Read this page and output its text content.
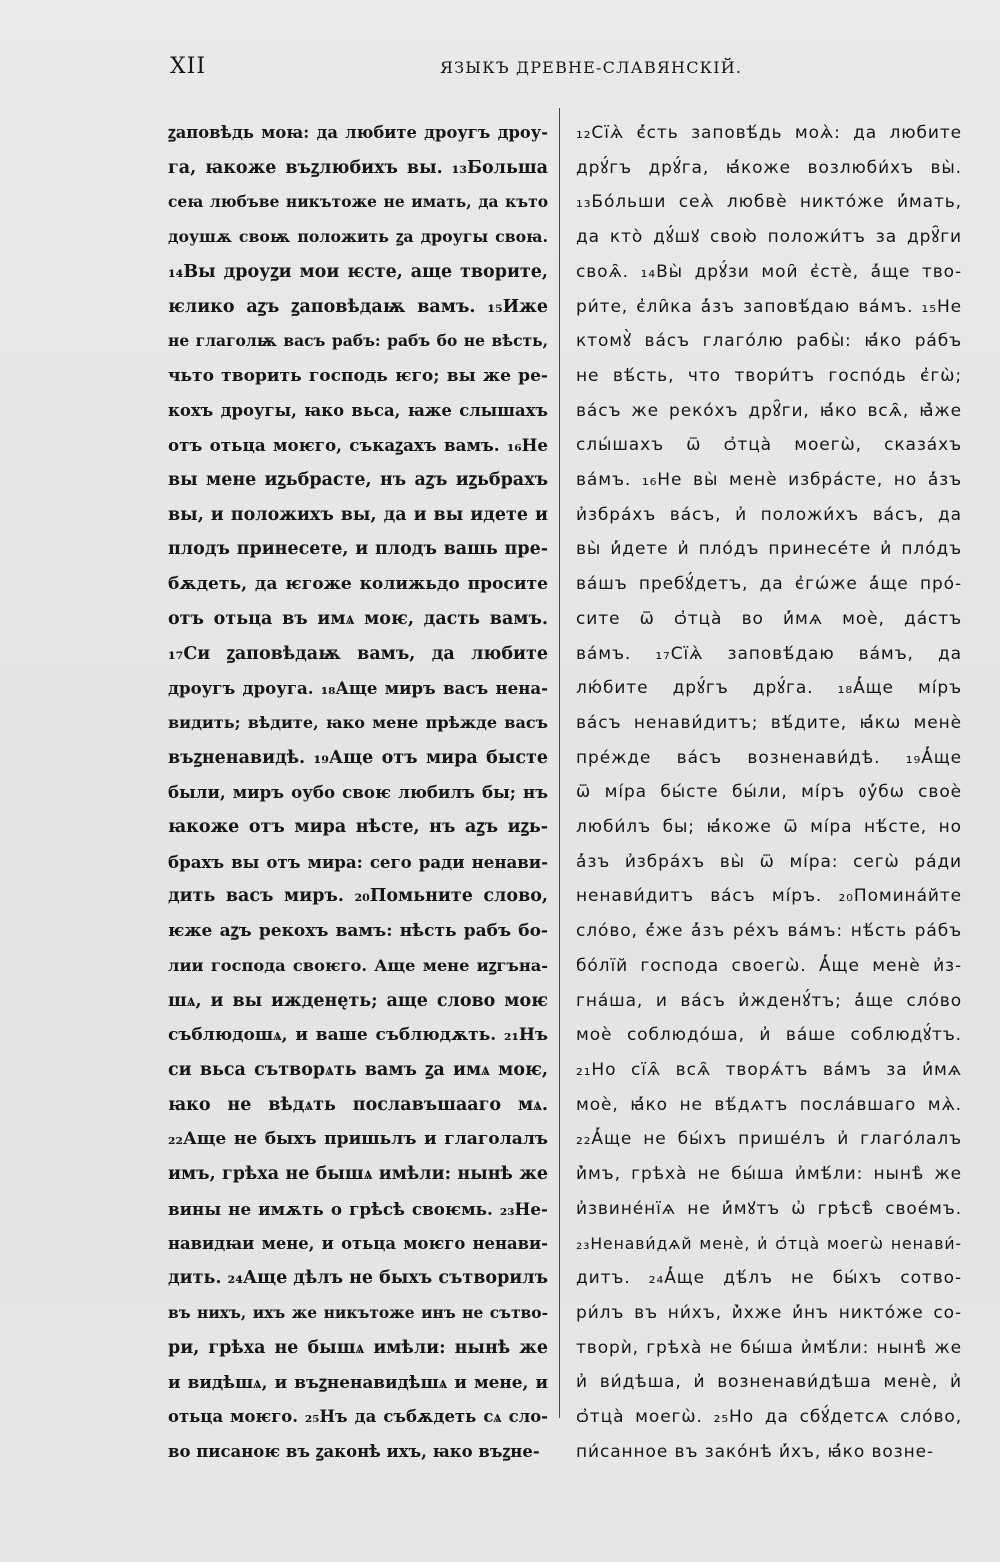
XII	ЯЗЫКЪ ДРЕВНЕ-СЛАВЯНСКIЙ.
ꙁаповѣдь моꙗ: да любите дроугъ дроу-
га, ꙗкоже въꙁлюбихъ вы. ₁₃Больша
сеꙗ любъве никътоже не имать, да къто
доушѫ своѭ положить ꙁа дроугы своꙗ.
₁₄Вы дроуꙁи мои ѥсте, аще творите,
ѥлико аꙁъ ꙁаповѣдаѭ вамъ. ₁₅Иже
не глаголѭ васъ рабъ: рабъ бо не вѣсть,
чьто творить господь ѥго; вы же ре-
кохъ дроугы, ꙗко вьса, ꙗже слышахъ
отъ отьца моѥго, съкаꙁахъ вамъ. ₁₆Не
вы мене иꙁьбрасте, нъ аꙁъ иꙁьбрахъ
вы, и положихъ вы, да и вы идете и
плодъ принесете, и плодъ вашь пре-
бѫдеть, да ѥгоже колижьдо просите
отъ отьца въ имѧ моѥ, дасть вамъ.
₁₇Си ꙁаповѣдаѭ вамъ, да любите
дроугъ дроуга. ₁₈Аще миръ васъ нена-
видить; вѣдите, ꙗко мене прѣжде васъ
въꙁненавидѣ. ₁₉Аще отъ мира бысте
были, миръ оубо своѥ любилъ бы; нъ
ꙗкоже отъ мира нѣсте, нъ аꙁъ иꙁь-
брахъ вы отъ мира: сего ради ненави-
дить васъ миръ. ₂₀Помьните слово,
ѥже аꙁъ рекохъ вамъ: нѣсть рабъ бо-
лии господа своѥго. Аще мене иꙁгъна-
шѧ, и вы иждене̨ть; аще слово моѥ
съблюдошѧ, и ваше съблюдѫть. ₂₁Нъ
си вьса сътворѧть вамъ ꙁа имѧ моѥ,
ꙗко не вѣдѧть пославъшааго мѧ.
₂₂Аще не быхъ пришьлъ и глаголалъ
имъ, грѣха не бышѧ имѣли: нынѣ же
вины не имѫть о грѣсѣ своѥмь. ₂₃Не-
навидꙗи мене, и отьца моѥго ненави-
дить. ₂₄Аще дѣлъ не быхъ сътворилъ
въ нихъ, ихъ же никътоже инъ не сътво-
ри, грѣха не бышѧ имѣли: нынѣ же
и видѣшѧ, и въꙁненавидѣшѧ и мене, и
отьца моѥго. ₂₅Нъ да събѫдеть сѧ сло-
во писаноѥ въ ꙁаконѣ ихъ, ꙗко въꙁне-
₁₂Сїѧ̀ є҆́сть заповѣ́дь моѧ̀: да любите
дрꙋ́гъ дрꙋ́га, ꙗ҆́коже возлюби́хъ вы̀.
₁₃Бо́льши сеѧ̀ любвѐ никто́же и҆́мать,
да кто̀ дꙋ́шꙋ свою̀ положи́тъ за дрꙋ̑ги
своѧ̑. ₁₄Вы̀ дрꙋ́зи мои̑ є҆стѐ, а҆́ще тво-
ри́те, є҆ли̑ка а҆́зъ заповѣ́даю ва́мъ. ₁₅Не
ктомꙋ̀ ва́съ глаго́лю рабы̀: ꙗ҆́ко ра́бъ
не вѣ́сть, что твори́тъ госпо́дь є҆гѡ̀;
ва́съ же реко́хъ дрꙋ̑ги, ꙗ҆́ко всѧ̑, ꙗ҆̀же
слы́шахъ ѿ ѻ҆тца̀ моегѡ̀, сказа́хъ
ва́мъ. ₁₆Не вы̀ менѐ избра́сте, но а҆́зъ
и҆збра́хъ ва́съ, и҆ положи́хъ ва́съ, да
вы̀ и҆́дете и҆ пло́дъ принесе́те и҆ пло́дъ
ва́шъ пребꙋ́детъ, да є҆гѡ́же а҆́ще про́-
сите ѿ ѻ҆тца̀ во и҆́мѧ моѐ, да́стъ
ва́мъ. ₁₇Сїѧ̀ заповѣ́даю ва́мъ, да
лю́бите дрꙋ́гъ дрꙋ́га. ₁₈А҆́ще мі́ръ
ва́съ ненави́дитъ; вѣ́дите, ꙗ҆́кѡ менѐ
пре́жде ва́съ возненави́дѣ. ₁₉А҆́ще
ѿ мі́ра бы́сте бы́ли, мі́ръ ᲂу҆́бѡ своѐ
люби́лъ бы; ꙗ҆́коже ѿ мі́ра нѣ́сте, но
а҆́зъ и҆збра́хъ вы̀ ѿ мі́ра: сегѡ̀ ра́ди
ненави́дитъ ва́съ мі́ръ. ₂₀Помина́йте
сло́во, є҆́же а҆́зъ ре́хъ ва́мъ: нѣ́сть ра́бъ
бо́лїй господа своегѡ̀. А҆́ще менѐ и҆з-
гна́ша, и ва́съ и҆жденꙋ́тъ; а҆́ще сло́во
моѐ соблюдо́ша, и҆ ва́ше соблюдꙋ́тъ.
₂₁Но сїѧ̑ всѧ̑ творѧ́тъ ва́мъ за и҆́мѧ
моѐ, ꙗ҆́ко не вѣ́дѧтъ посла́вшаго мѧ̀.
₂₂А҆́ще не бы́хъ прише́лъ и҆ глаго́лалъ
и҆̀мъ, грѣха̀ не бы́ша и҆мѣ́ли: нынѣ̀ же
и҆звине́нїѧ не и҆́мꙋтъ ѡ҆ грѣсѣ̀ свое́мъ.
₂₃Ненави́дѧй менѐ, и҆ ѻ҆тца̀ моегѡ̀ ненави́-
дитъ. ₂₄А҆́ще дѣ́лъ не бы́хъ сотво-
ри́лъ въ ни́хъ, и҆̀хже и҆́нъ никто́же со-
творѝ, грѣха̀ не бы́ша и҆мѣ́ли: нынѣ̀ же
и҆ ви́дѣша, и҆ возненави́дѣша менѐ, и҆
ѻ҆тца̀ моегѡ̀. ₂₅Но да сбꙋ́детсѧ сло́во,
пи́санное въ зако́нѣ и҆́хъ, ꙗ҆́ко возне-
